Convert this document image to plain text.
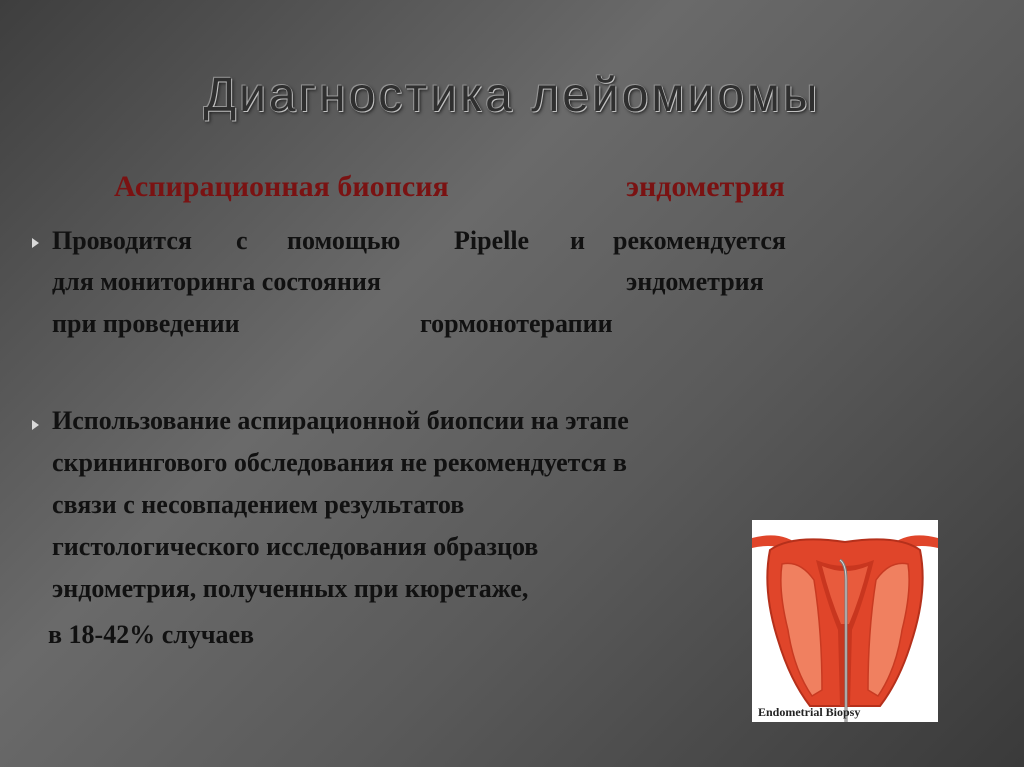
Диагностика лейомиомы
Аспирационная биопсия	эндометрия
Проводится с помощью Pipelle и рекомендуется
для мониторинга состояния	эндометрия
при проведении	гормонотерапии
Использование аспирационной биопсии на этапе
скринингового обследования не рекомендуется в
связи с несовпадением результатов
гистологического исследования образцов
эндометрия, полученных при кюретаже,
в 18-42% случаев
Endometrial Biopsy
